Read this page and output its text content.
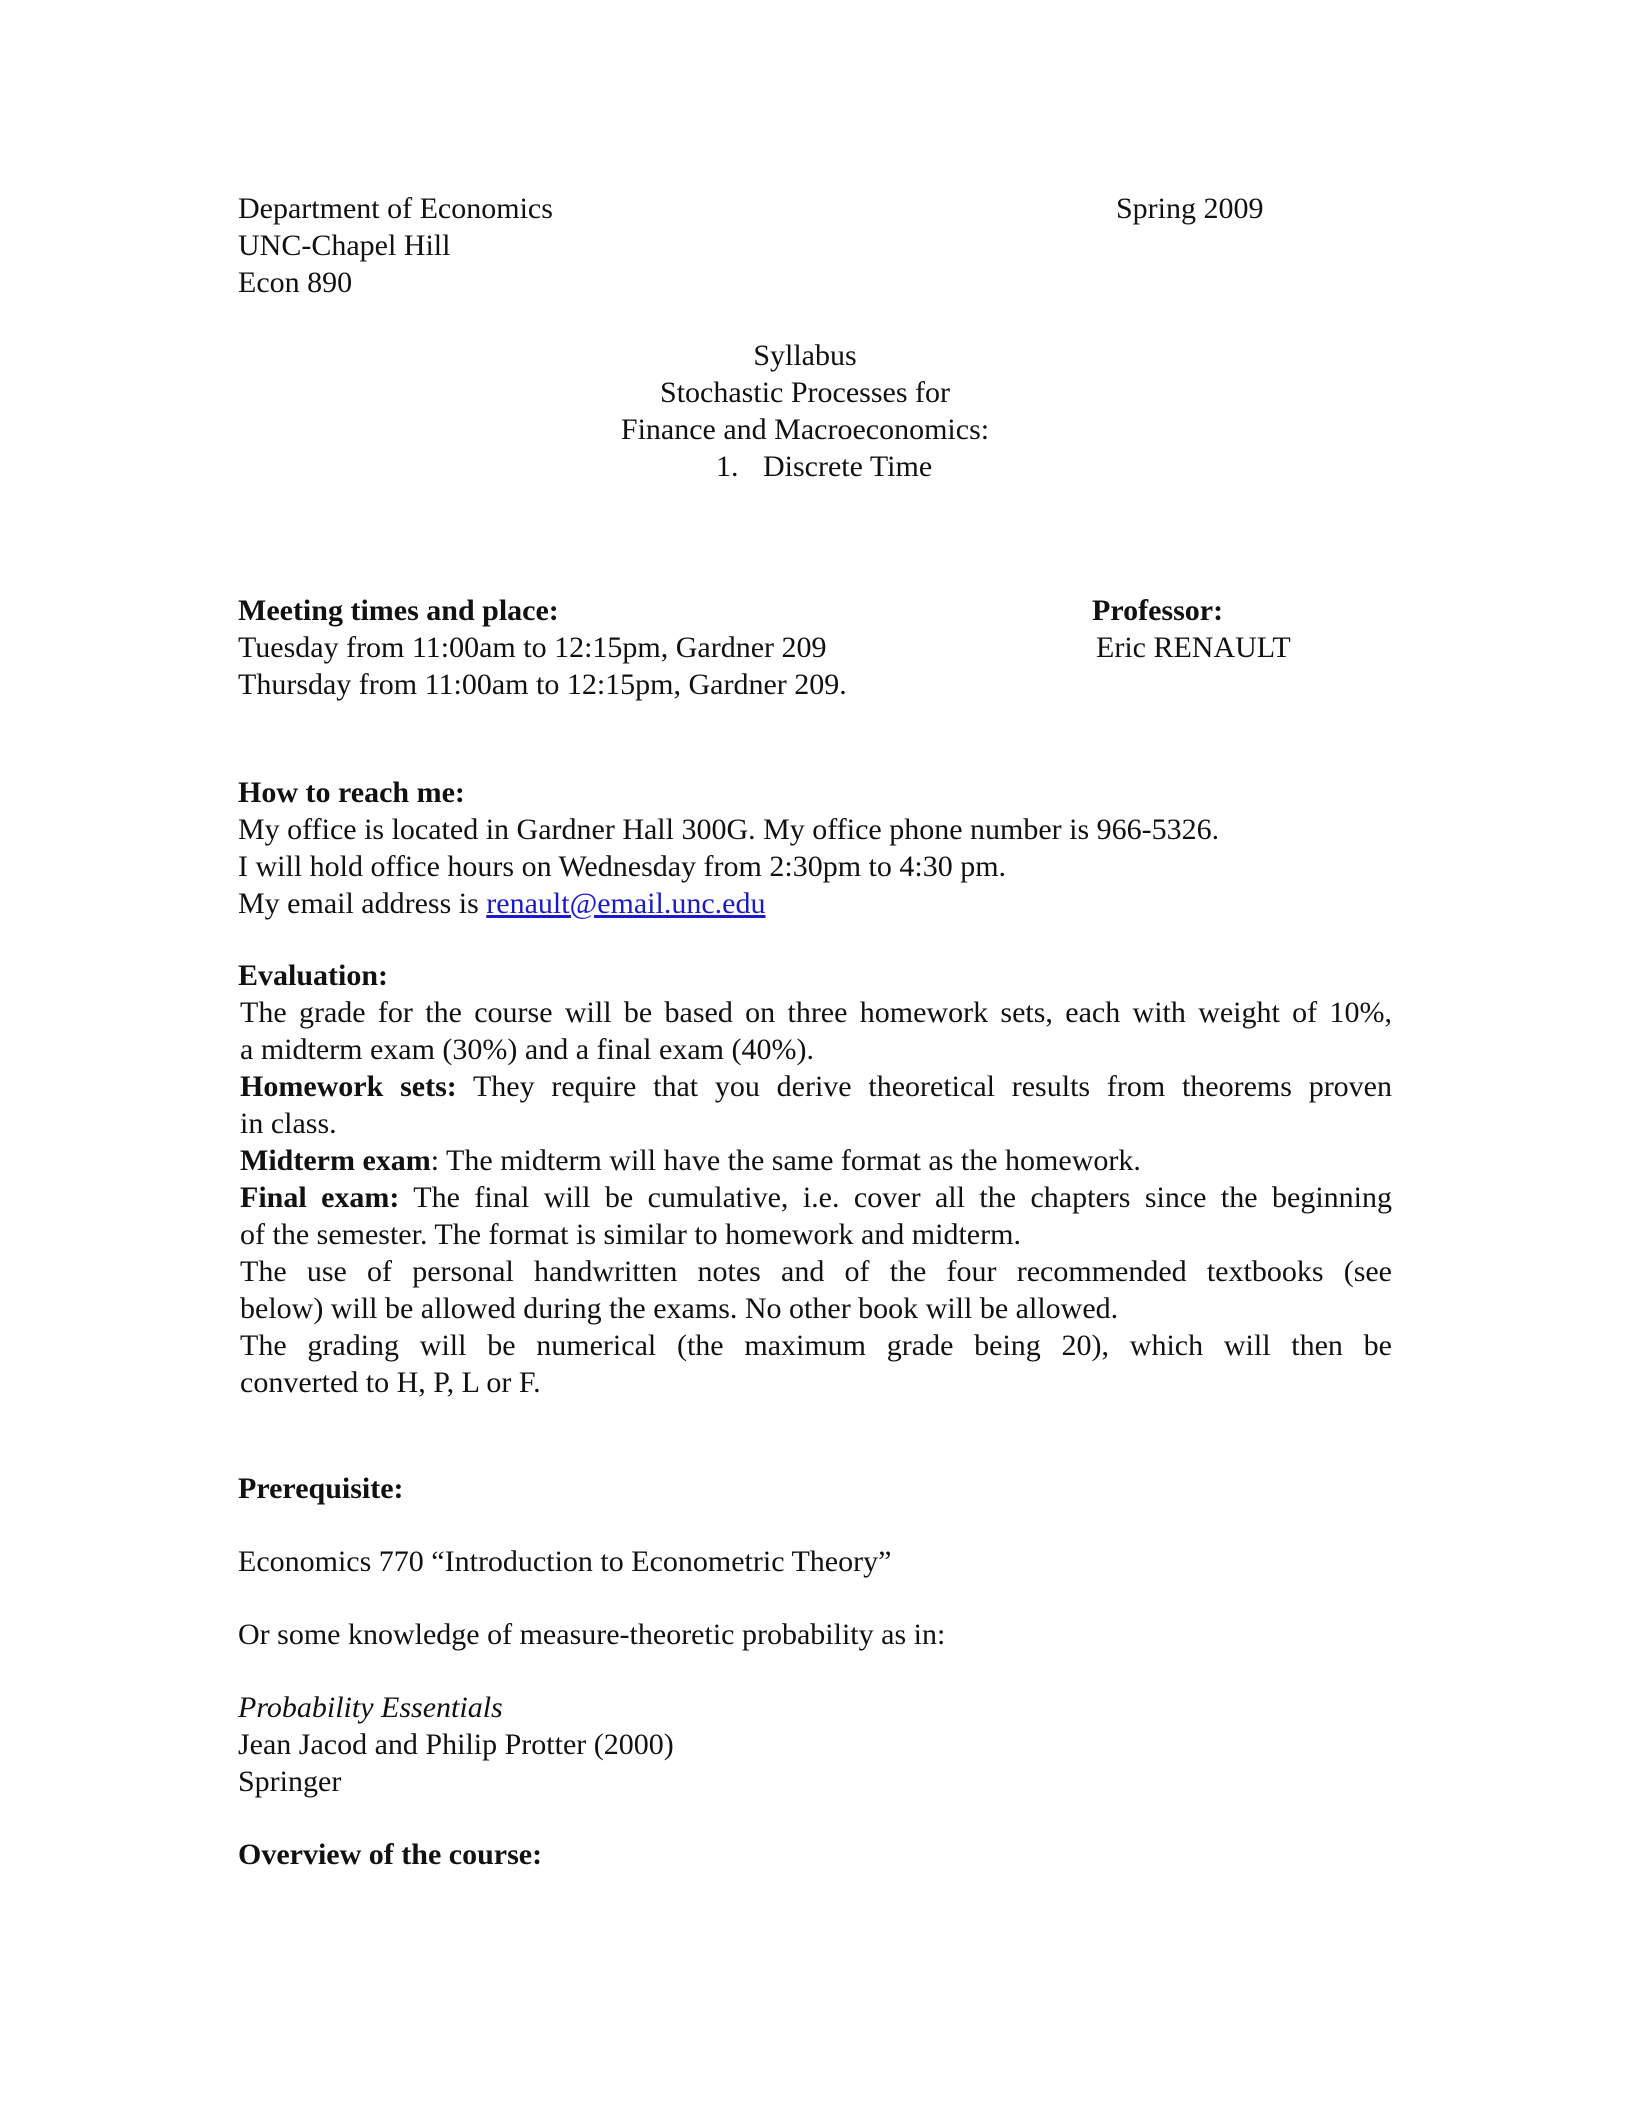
Department of Economics	Spring 2009
UNC-Chapel Hill
Econ 890
Syllabus
Stochastic Processes for
Finance and Macroeconomics:
1. Discrete Time
Meeting times and place:
Tuesday from 11:00am to 12:15pm, Gardner 209
Thursday from 11:00am to 12:15pm, Gardner 209.
Professor:
Eric RENAULT
How to reach me:
My office is located in Gardner Hall 300G. My office phone number is 966-5326.
I will hold office hours on Wednesday from 2:30pm to 4:30 pm.
My email address is renault@email.unc.edu
Evaluation:
The grade for the course will be based on three homework sets, each with weight of 10%,
a midterm exam (30%) and a final exam (40%).
Homework sets: They require that you derive theoretical results from theorems proven
in class.
Midterm exam: The midterm will have the same format as the homework.
Final exam: The final will be cumulative, i.e. cover all the chapters since the beginning
of the semester. The format is similar to homework and midterm.
The use of personal handwritten notes and of the four recommended textbooks (see
below) will be allowed during the exams. No other book will be allowed.
The grading will be numerical (the maximum grade being 20), which will then be
converted to H, P, L or F.
Prerequisite:
Economics 770 “Introduction to Econometric Theory”
Or some knowledge of measure-theoretic probability as in:
Probability Essentials
Jean Jacod and Philip Protter (2000)
Springer
Overview of the course:
